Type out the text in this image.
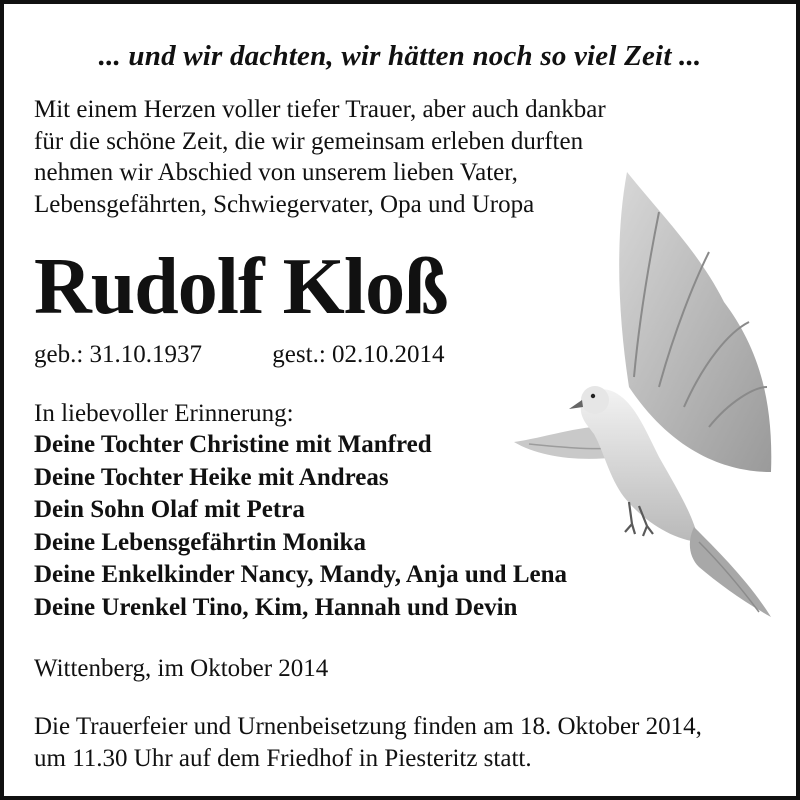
... und wir dachten, wir hätten noch so viel Zeit ...
Mit einem Herzen voller tiefer Trauer, aber auch dankbar
für die schöne Zeit, die wir gemeinsam erleben durften
nehmen wir Abschied von unserem lieben Vater,
Lebensgefährten, Schwiegervater, Opa und Uropa
Rudolf Kloß
geb.: 31.10.1937	gest.: 02.10.2014
In liebevoller Erinnerung:
Deine Tochter Christine mit Manfred
Deine Tochter Heike mit Andreas
Dein Sohn Olaf mit Petra
Deine Lebensgefährtin Monika
Deine Enkelkinder Nancy, Mandy, Anja und Lena
Deine Urenkel Tino, Kim, Hannah und Devin
Wittenberg, im Oktober 2014
Die Trauerfeier und Urnenbeisetzung finden am 18. Oktober 2014,
um 11.30 Uhr auf dem Friedhof in Piesteritz statt.
